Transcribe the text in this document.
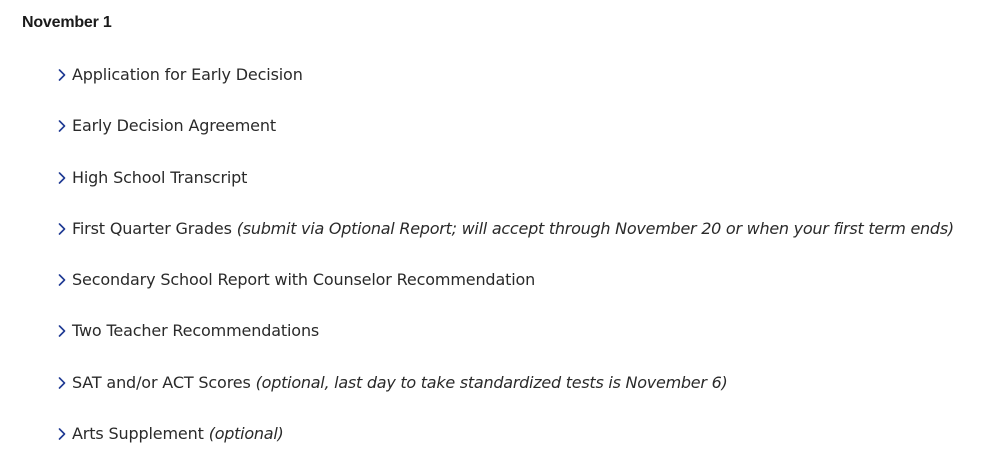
November 1
Application for Early Decision
Early Decision Agreement
High School Transcript
First Quarter Grades (submit via Optional Report; will accept through November 20 or when your first term ends)
Secondary School Report with Counselor Recommendation
Two Teacher Recommendations
SAT and/or ACT Scores (optional, last day to take standardized tests is November 6)
Arts Supplement (optional)
